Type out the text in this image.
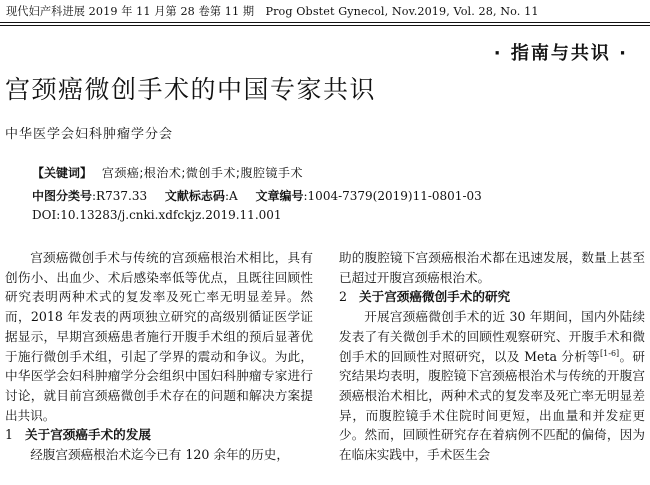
现代妇产科进展 2019 年 11 月第 28 卷第 11 期　Prog Obstet Gynecol, Nov.2019, Vol. 28, No. 11
· 指南与共识 ·
宫颈癌微创手术的中国专家共识
中华医学会妇科肿瘤学分会
【关键词】 宫颈癌;根治术;微创手术;腹腔镜手术
中图分类号:R737.33 文献标志码:A 文章编号:1004-7379(2019)11-0801-03
DOI:10.13283/j.cnki.xdfckjz.2019.11.001

宫颈癌微创手术与传统的宫颈癌根治术相比，具有创伤小、出血少、术后感染率低等优点，且既往回顾性研究表明两种术式的复发率及死亡率无明显差异。然而，2018 年发表的两项独立研究的高级别循证医学证据显示，早期宫颈癌患者施行开腹手术组的预后显著优于施行微创手术组，引起了学界的震动和争议。为此，中华医学会妇科肿瘤学分会组织中国妇科肿瘤专家进行讨论，就目前宫颈癌微创手术存在的问题和解决方案提出共识。

1 关于宫颈癌手术的发展

经腹宫颈癌根治术迄今已有 120 余年的历史，

助的腹腔镜下宫颈癌根治术都在迅速发展，数量上甚至已超过开腹宫颈癌根治术。

2 关于宫颈癌微创手术的研究

开展宫颈癌微创手术的近 30 年期间，国内外陆续发表了有关微创手术的回顾性观察研究、开腹手术和微创手术的回顾性对照研究，以及 Meta 分析等[1-6]。研究结果均表明，腹腔镜下宫颈癌根治术与传统的开腹宫颈癌根治术相比，两种术式的复发率及死亡率无明显差异，而腹腔镜手术住院时间更短，出血量和并发症更少。然而，回顾性研究存在着病例不匹配的偏倚，因为在临床实践中，手术医生会
